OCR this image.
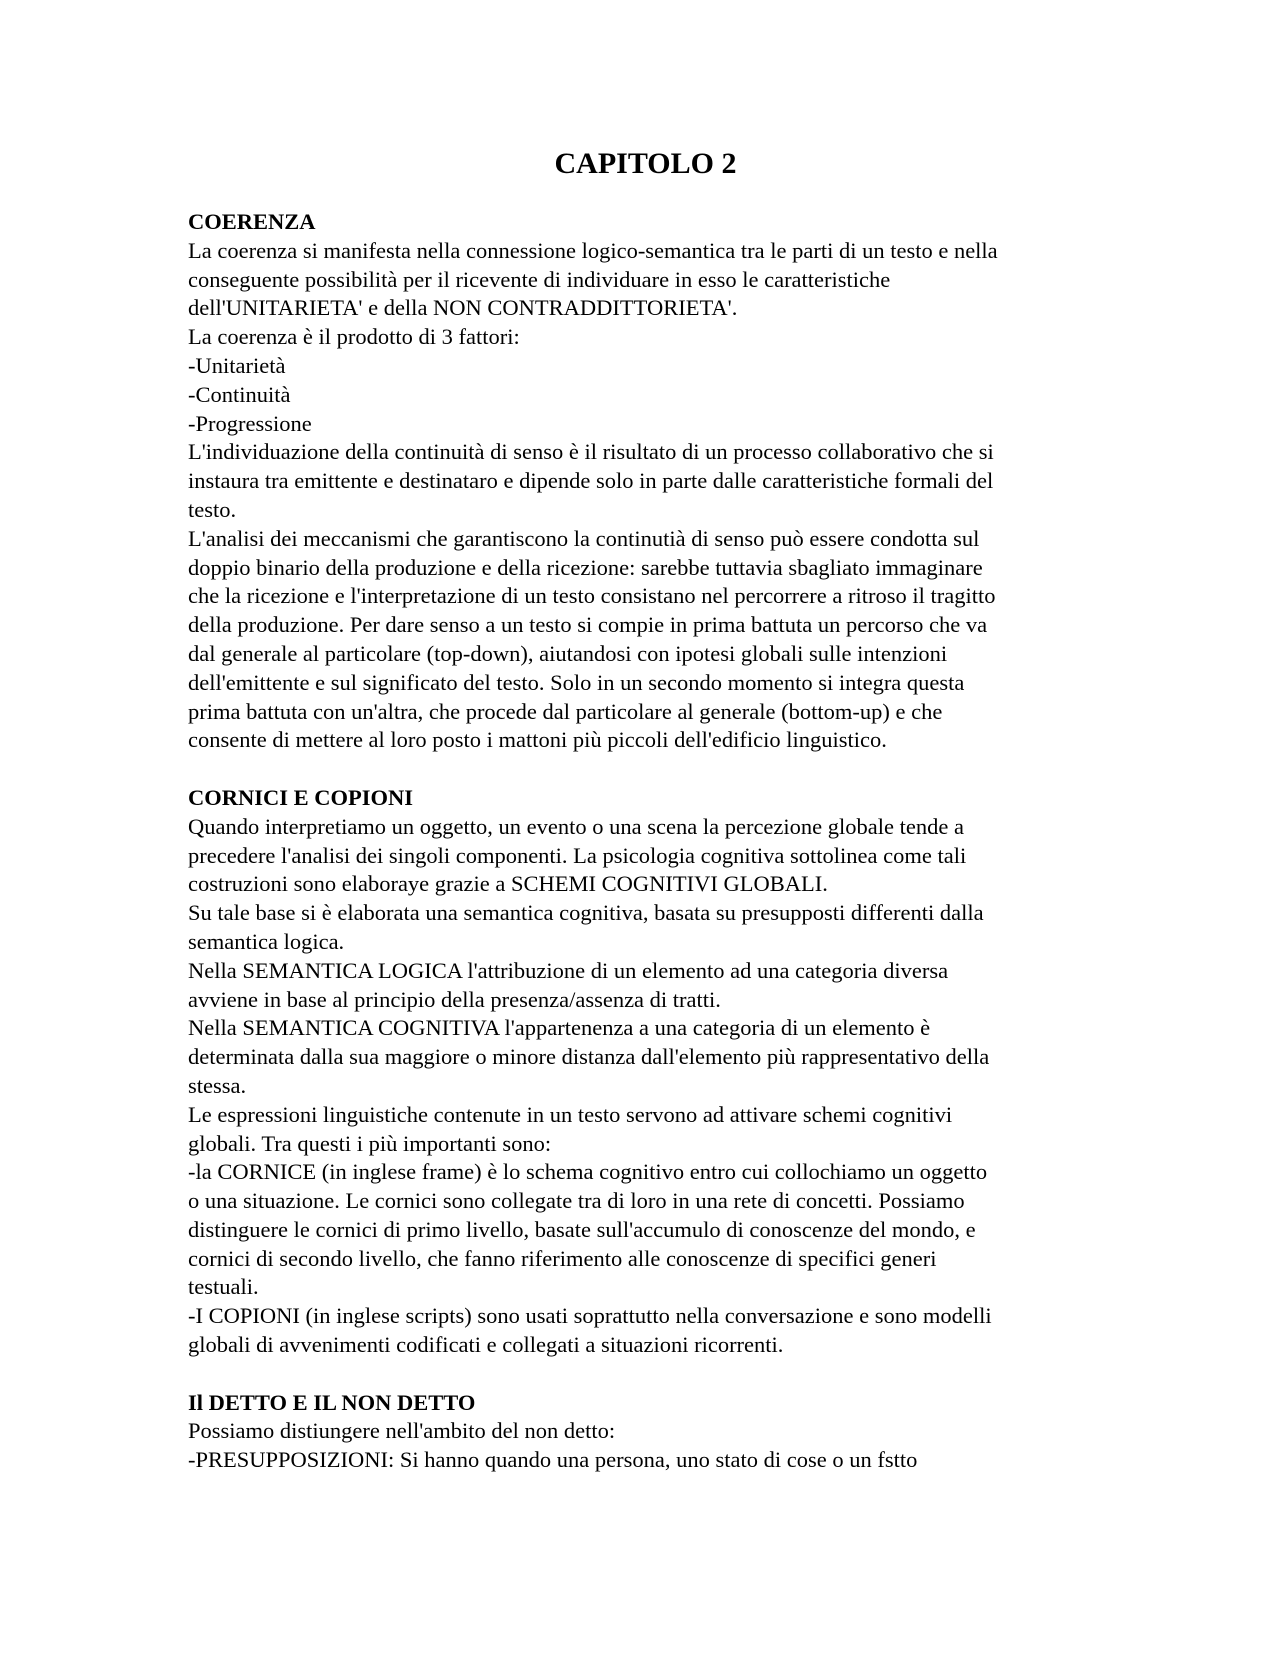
CAPITOLO 2
COERENZA
La coerenza si manifesta nella connessione logico-semantica tra le parti di un testo e nella
conseguente possibilità per il ricevente di individuare in esso le caratteristiche
dell'UNITARIETA' e della NON CONTRADDITTORIETA'.
La coerenza è il prodotto di 3 fattori:
-Unitarietà
-Continuità
-Progressione
L'individuazione della continuità di senso è il risultato di un processo collaborativo che si
instaura tra emittente e destinataro e dipende solo in parte dalle caratteristiche formali del
testo.
L'analisi dei meccanismi che garantiscono la continutià di senso può essere condotta sul
doppio binario della produzione e della ricezione: sarebbe tuttavia sbagliato immaginare
che la ricezione e l'interpretazione di un testo consistano nel percorrere a ritroso il tragitto
della produzione. Per dare senso a un testo si compie in prima battuta un percorso che va
dal generale al particolare (top-down), aiutandosi con ipotesi globali sulle intenzioni
dell'emittente e sul significato del testo. Solo in un secondo momento si integra questa
prima battuta con un'altra, che procede dal particolare al generale (bottom-up) e che
consente di mettere al loro posto i mattoni più piccoli dell'edificio linguistico.
CORNICI E COPIONI
Quando interpretiamo un oggetto, un evento o una scena la percezione globale tende a
precedere l'analisi dei singoli componenti. La psicologia cognitiva sottolinea come tali
costruzioni sono elaboraye grazie a SCHEMI COGNITIVI GLOBALI.
Su tale base si è elaborata una semantica cognitiva, basata su presupposti differenti dalla
semantica logica.
Nella SEMANTICA LOGICA l'attribuzione di un elemento ad una categoria diversa
avviene in base al principio della presenza/assenza di tratti.
Nella SEMANTICA COGNITIVA l'appartenenza a una categoria di un elemento è
determinata dalla sua maggiore o minore distanza dall'elemento più rappresentativo della
stessa.
Le espressioni linguistiche contenute in un testo servono ad attivare schemi cognitivi
globali. Tra questi i più importanti sono:
-la CORNICE (in inglese frame) è lo schema cognitivo entro cui collochiamo un oggetto
o una situazione. Le cornici sono collegate tra di loro in una rete di concetti. Possiamo
distinguere le cornici di primo livello, basate sull'accumulo di conoscenze del mondo, e
cornici di secondo livello, che fanno riferimento alle conoscenze di specifici generi
testuali.
-I COPIONI (in inglese scripts) sono usati soprattutto nella conversazione e sono modelli
globali di avvenimenti codificati e collegati a situazioni ricorrenti.
Il DETTO E IL NON DETTO
Possiamo distiungere nell'ambito del non detto:
-PRESUPPOSIZIONI: Si hanno quando una persona, uno stato di cose o un fstto
